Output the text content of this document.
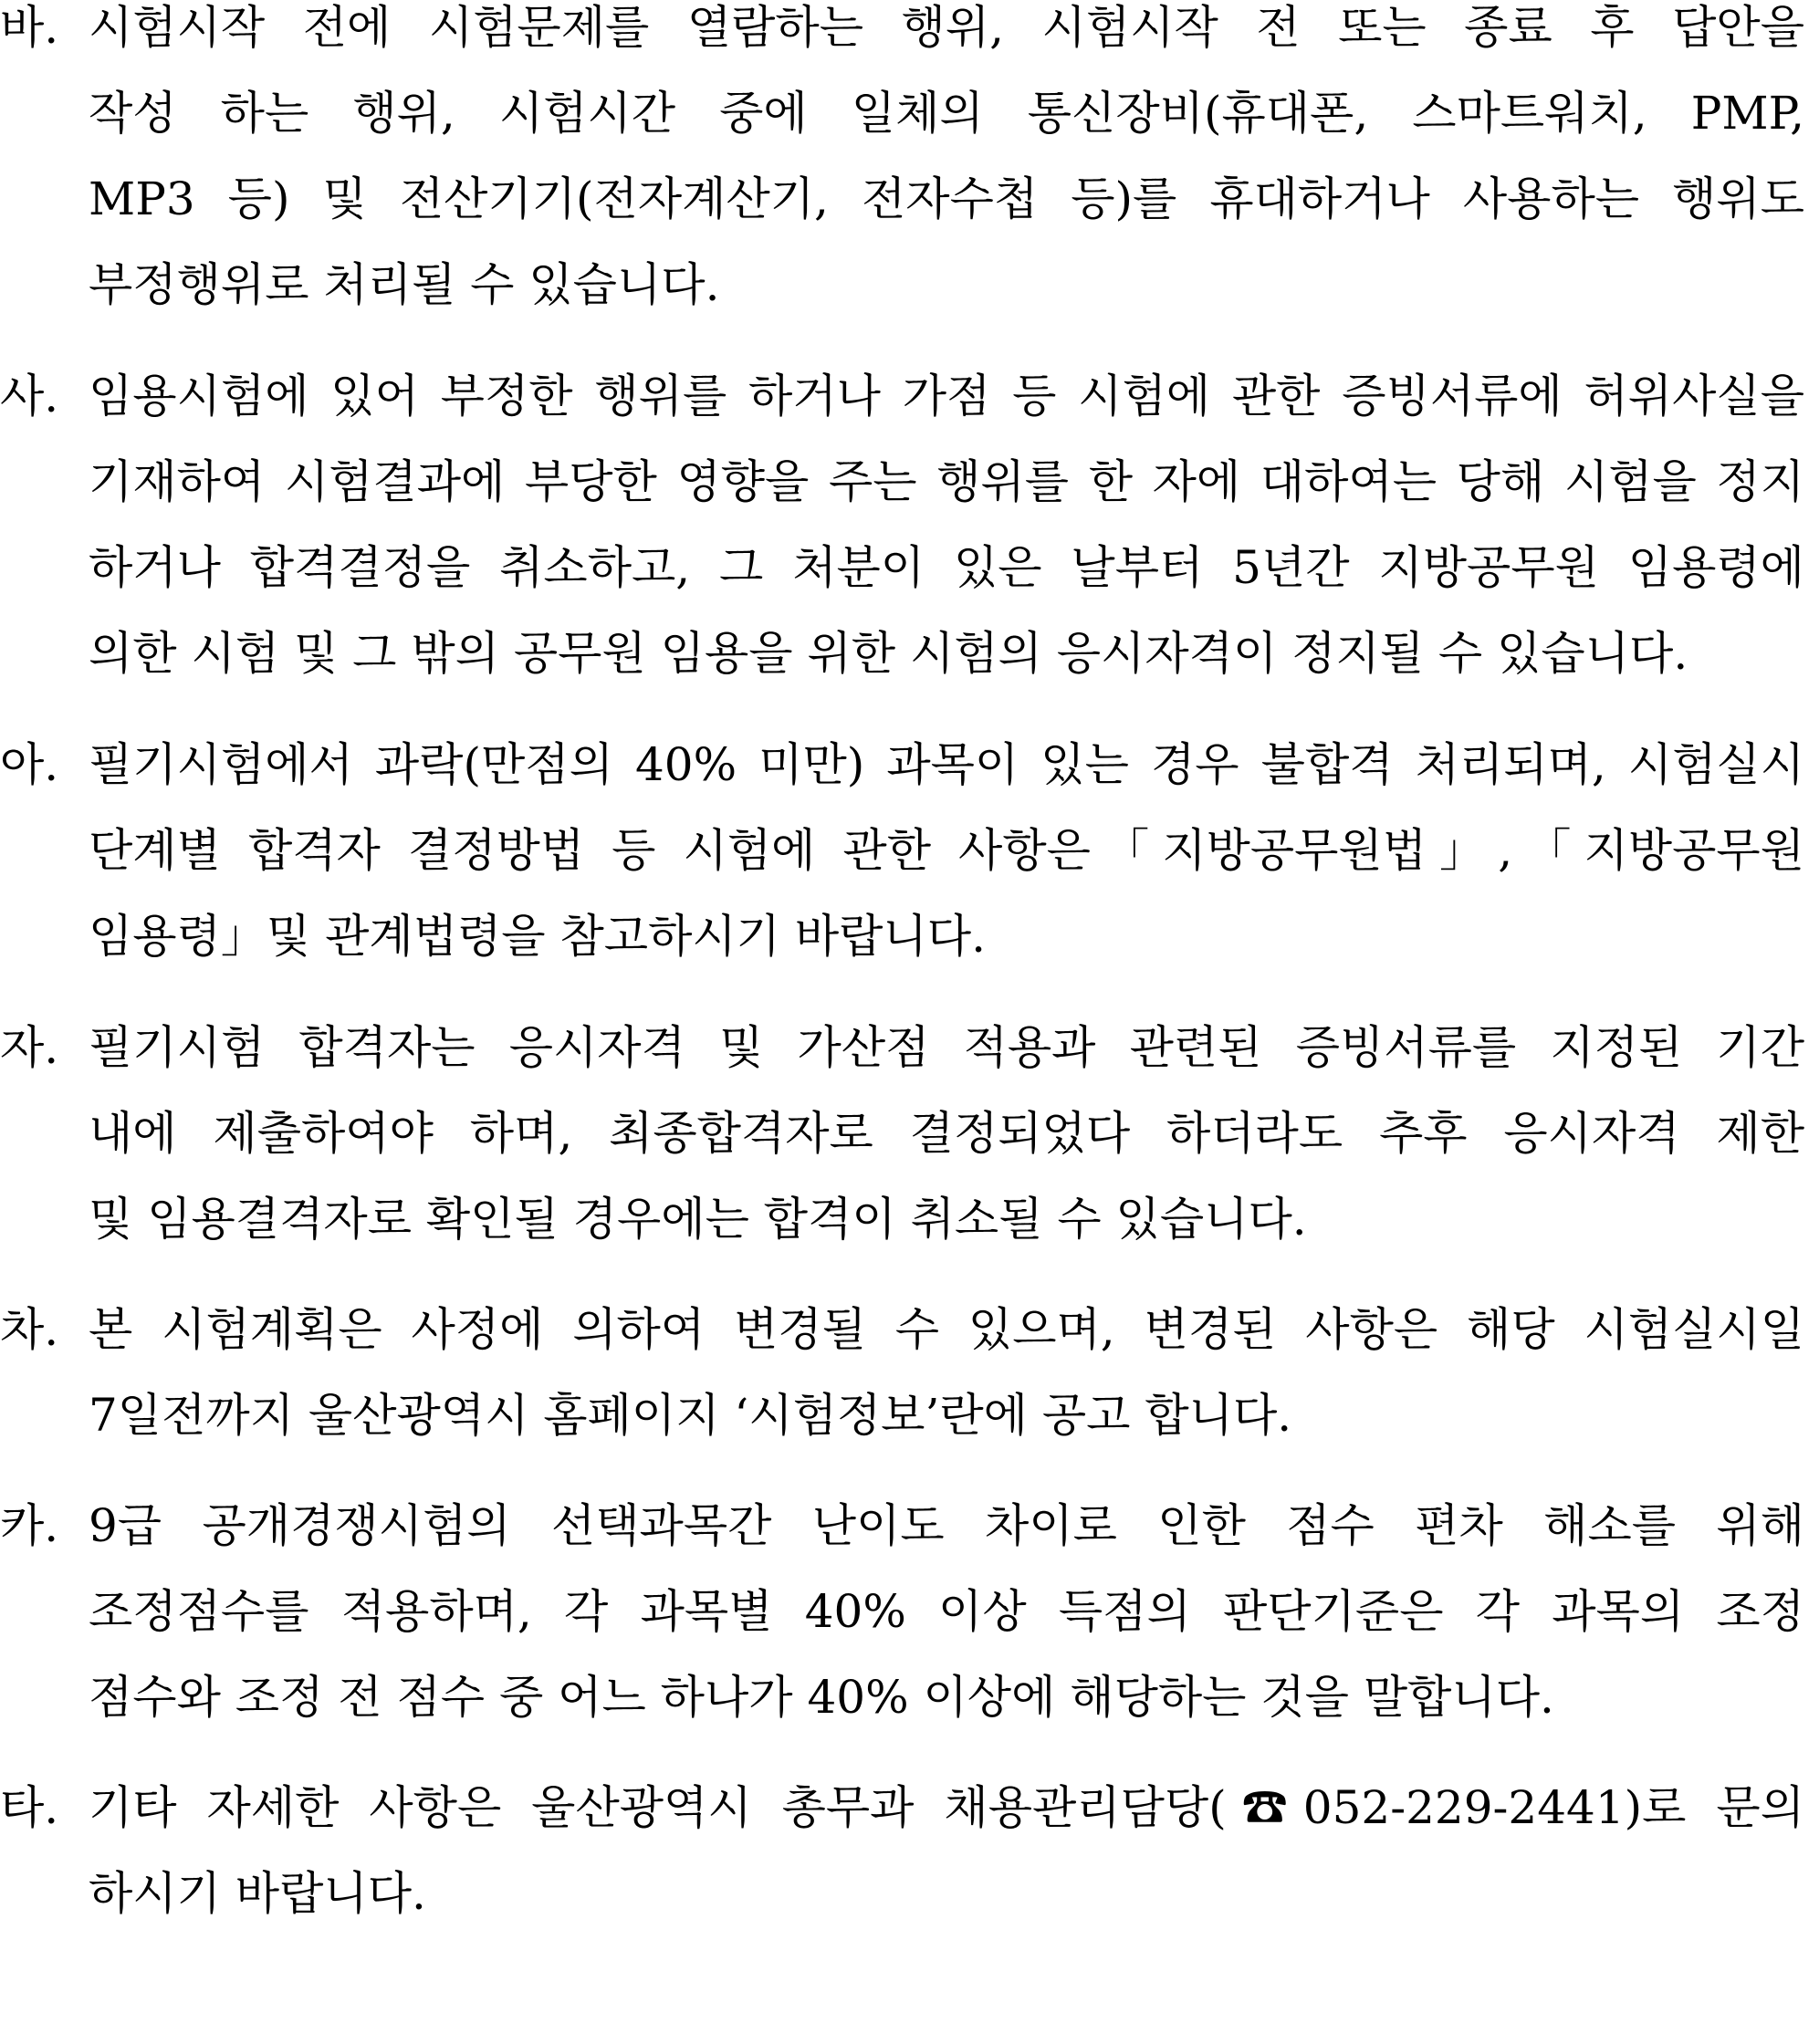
바. 시험시작 전에 시험문제를 열람하는 행위, 시험시작 전 또는 종료 후 답안을
작성 하는 행위, 시험시간 중에 일체의 통신장비(휴대폰, 스마트워치, PMP,
MP3 등) 및 전산기기(전자계산기, 전자수첩 등)를 휴대하거나 사용하는 행위도
부정행위로 처리될 수 있습니다.
사. 임용시험에 있어 부정한 행위를 하거나 가점 등 시험에 관한 증빙서류에 허위사실을
기재하여 시험결과에 부당한 영향을 주는 행위를 한 자에 대하여는 당해 시험을 정지
하거나 합격결정을 취소하고, 그 처분이 있은 날부터 5년간 지방공무원 임용령에
의한 시험 및 그 밖의 공무원 임용을 위한 시험의 응시자격이 정지될 수 있습니다.
아. 필기시험에서 과락(만점의 40% 미만) 과목이 있는 경우 불합격 처리되며, 시험실시
단계별 합격자 결정방법 등 시험에 관한 사항은「지방공무원법」,「지방공무원
임용령」및 관계법령을 참고하시기 바랍니다.
자. 필기시험 합격자는 응시자격 및 가산점 적용과 관련된 증빙서류를 지정된 기간
내에 제출하여야 하며, 최종합격자로 결정되었다 하더라도 추후 응시자격 제한
및 임용결격자로 확인될 경우에는 합격이 취소될 수 있습니다.
차. 본 시험계획은 사정에 의하여 변경될 수 있으며, 변경된 사항은 해당 시험실시일
7일전까지 울산광역시 홈페이지 ‘시험정보’란에 공고 합니다.
카. 9급 공개경쟁시험의 선택과목간 난이도 차이로 인한 점수 편차 해소를 위해
조정점수를 적용하며, 각 과목별 40% 이상 득점의 판단기준은 각 과목의 조정
점수와 조정 전 점수 중 어느 하나가 40% 이상에 해당하는 것을 말합니다.
타. 기타 자세한 사항은 울산광역시 총무과 채용관리담당(☎052-229-2441)로 문의
하시기 바랍니다.
